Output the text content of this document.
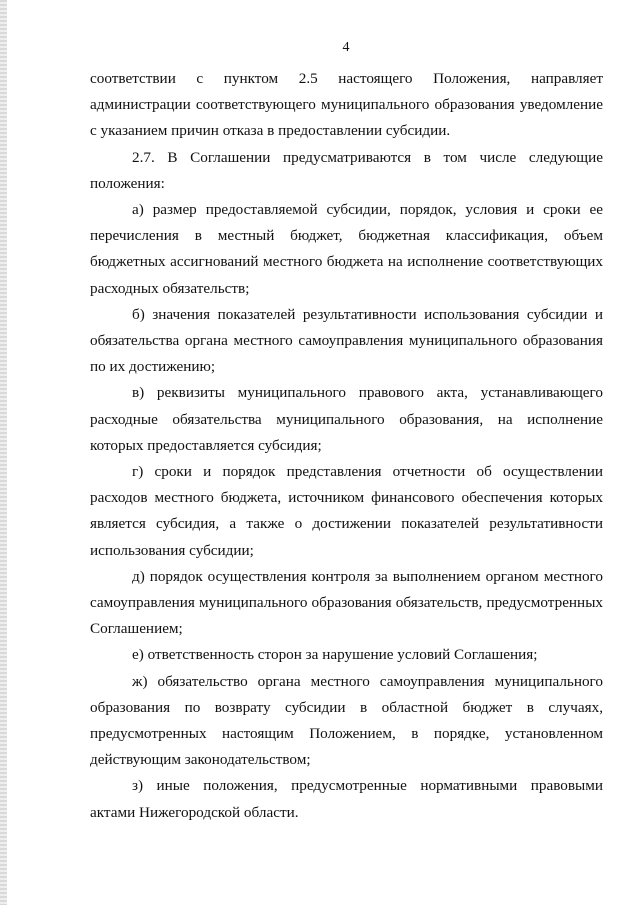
4

соответствии с пунктом 2.5 настоящего Положения, направляет администрации соответствующего муниципального образования уведомление с указанием причин отказа в предоставлении субсидии.

2.7. В Соглашении предусматриваются в том числе следующие положения:

а) размер предоставляемой субсидии, порядок, условия и сроки ее перечисления в местный бюджет, бюджетная классификация, объем бюджетных ассигнований местного бюджета на исполнение соответствующих расходных обязательств;

б) значения показателей результативности использования субсидии и обязательства органа местного самоуправления муниципального образования по их достижению;

в) реквизиты муниципального правового акта, устанавливающего расходные обязательства муниципального образования, на исполнение которых предоставляется субсидия;

г) сроки и порядок представления отчетности об осуществлении расходов местного бюджета, источником финансового обеспечения которых является субсидия, а также о достижении показателей результативности использования субсидии;

д) порядок осуществления контроля за выполнением органом местного самоуправления муниципального образования обязательств, предусмотренных Соглашением;

е) ответственность сторон за нарушение условий Соглашения;

ж) обязательство органа местного самоуправления муниципального образования по возврату субсидии в областной бюджет в случаях, предусмотренных настоящим Положением, в порядке, установленном действующим законодательством;

з) иные положения, предусмотренные нормативными правовыми актами Нижегородской области.
